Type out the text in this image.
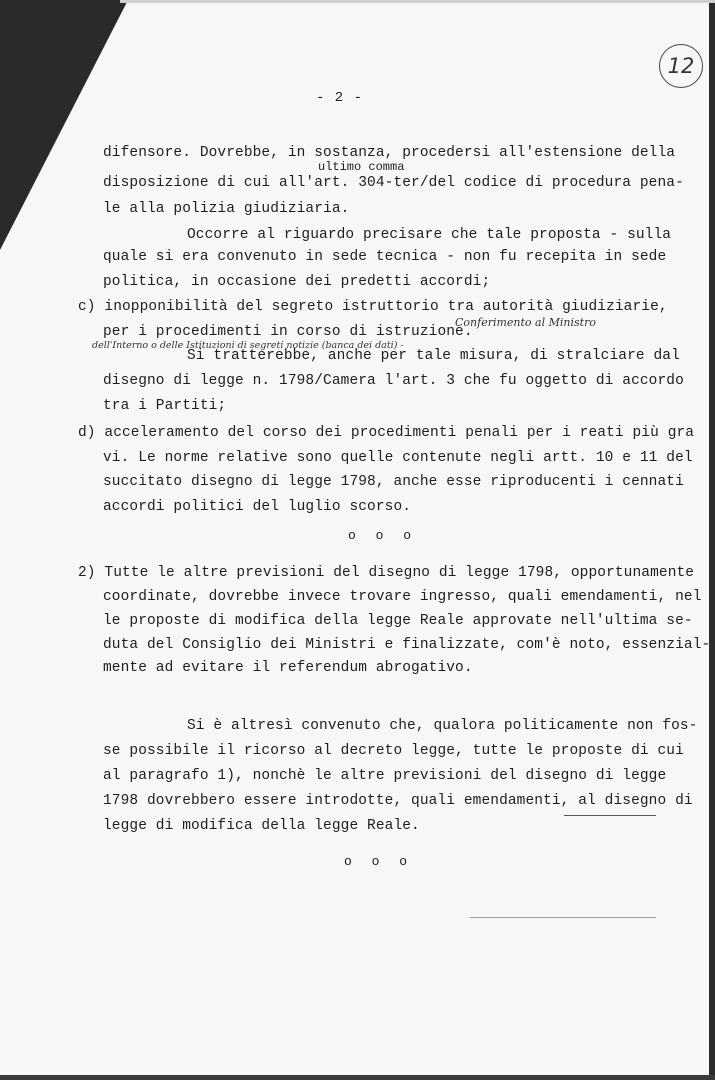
12
- 2 -
difensore. Dovrebbe, in sostanza, procedersi all'estensione della
ultimo comma
disposizione di cui all'art. 304-ter/del codice di procedura pena-
le alla polizia giudiziaria.
Occorre al riguardo precisare che tale proposta - sulla
quale si era convenuto in sede tecnica - non fu recepita in sede
politica, in occasione dei predetti accordi;
c) inopponibilità del segreto istruttorio tra autorità giudiziarie,
per i procedimenti in corso di istruzione.
Conferimento al Ministro
dell'Interno o delle Istituzioni di segreti notizie (banca dei dati) -
Si tratterebbe, anche per tale misura, di stralciare dal
disegno di legge n. 1798/Camera l'art. 3 che fu oggetto di accordo
tra i Partiti;
d) acceleramento del corso dei procedimenti penali per i reati più gra
vi. Le norme relative sono quelle contenute negli artt. 10 e 11 del
succitato disegno di legge 1798, anche esse riproducenti i cennati
accordi politici del luglio scorso.
o o o
2) Tutte le altre previsioni del disegno di legge 1798, opportunamente
coordinate, dovrebbe invece trovare ingresso, quali emendamenti, nel
le proposte di modifica della legge Reale approvate nell'ultima se-
duta del Consiglio dei Ministri e finalizzate, com'è noto, essenzial-
mente ad evitare il referendum abrogativo.
Si è altresì convenuto che, qualora politicamente non fos-
se possibile il ricorso al decreto legge, tutte le proposte di cui
al paragrafo 1), nonchè le altre previsioni del disegno di legge
1798 dovrebbero essere introdotte, quali emendamenti, al disegno di
legge di modifica della legge Reale.
o o o
